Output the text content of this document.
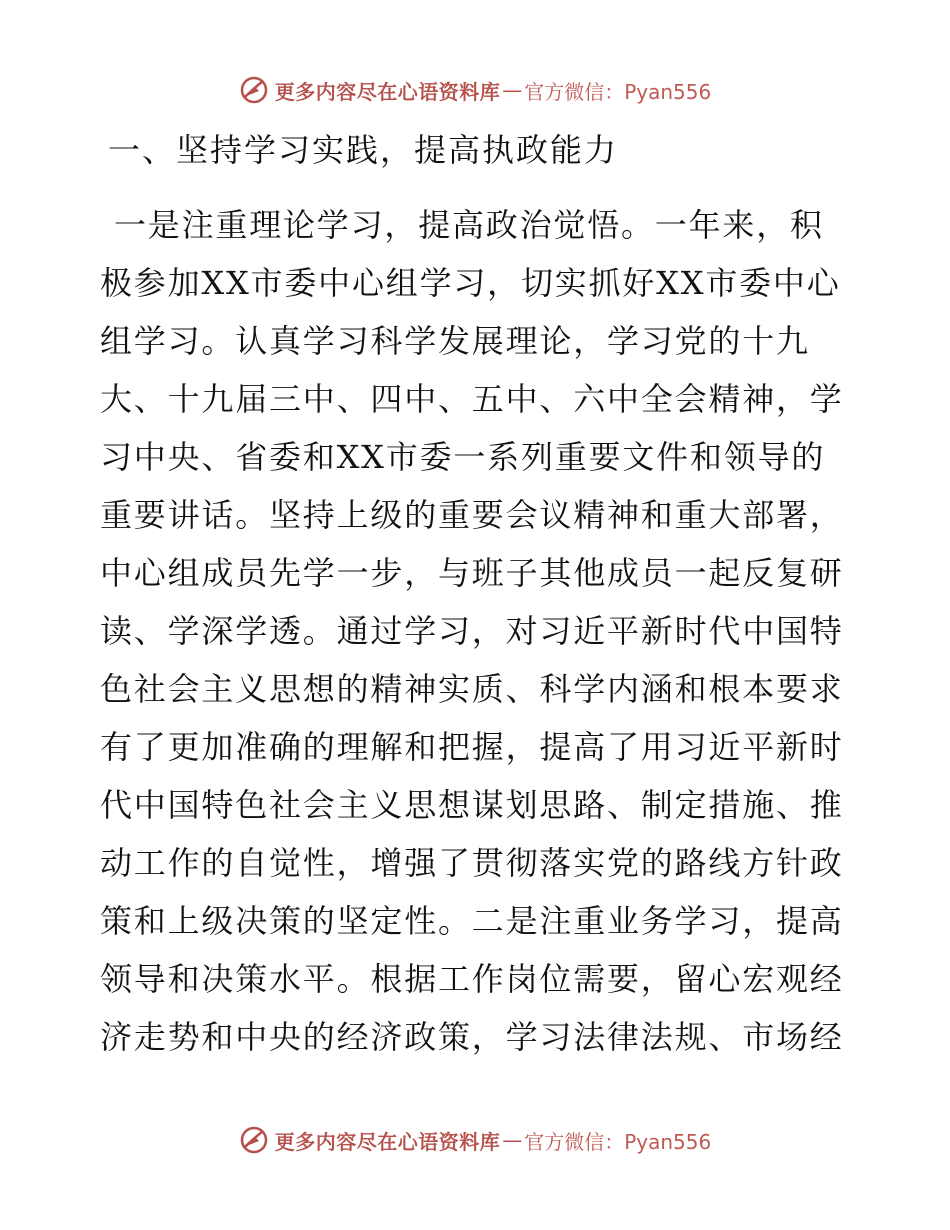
更多内容尽在心语资料库 — 官方微信：Pyan556
一、坚持学习实践，提高执政能力
一是注重理论学习，提高政治觉悟。一年来，积
极参加XX市委中心组学习，切实抓好XX市委中心
组学习。认真学习科学发展理论，学习党的十九
大、十九届三中、四中、五中、六中全会精神，学
习中央、省委和XX市委一系列重要文件和领导的
重要讲话。坚持上级的重要会议精神和重大部署，
中心组成员先学一步，与班子其他成员一起反复研
读、学深学透。通过学习，对习近平新时代中国特
色社会主义思想的精神实质、科学内涵和根本要求
有了更加准确的理解和把握，提高了用习近平新时
代中国特色社会主义思想谋划思路、制定措施、推
动工作的自觉性，增强了贯彻落实党的路线方针政
策和上级决策的坚定性。二是注重业务学习，提高
领导和决策水平。根据工作岗位需要，留心宏观经
济走势和中央的经济政策，学习法律法规、市场经
更多内容尽在心语资料库 — 官方微信：Pyan556
